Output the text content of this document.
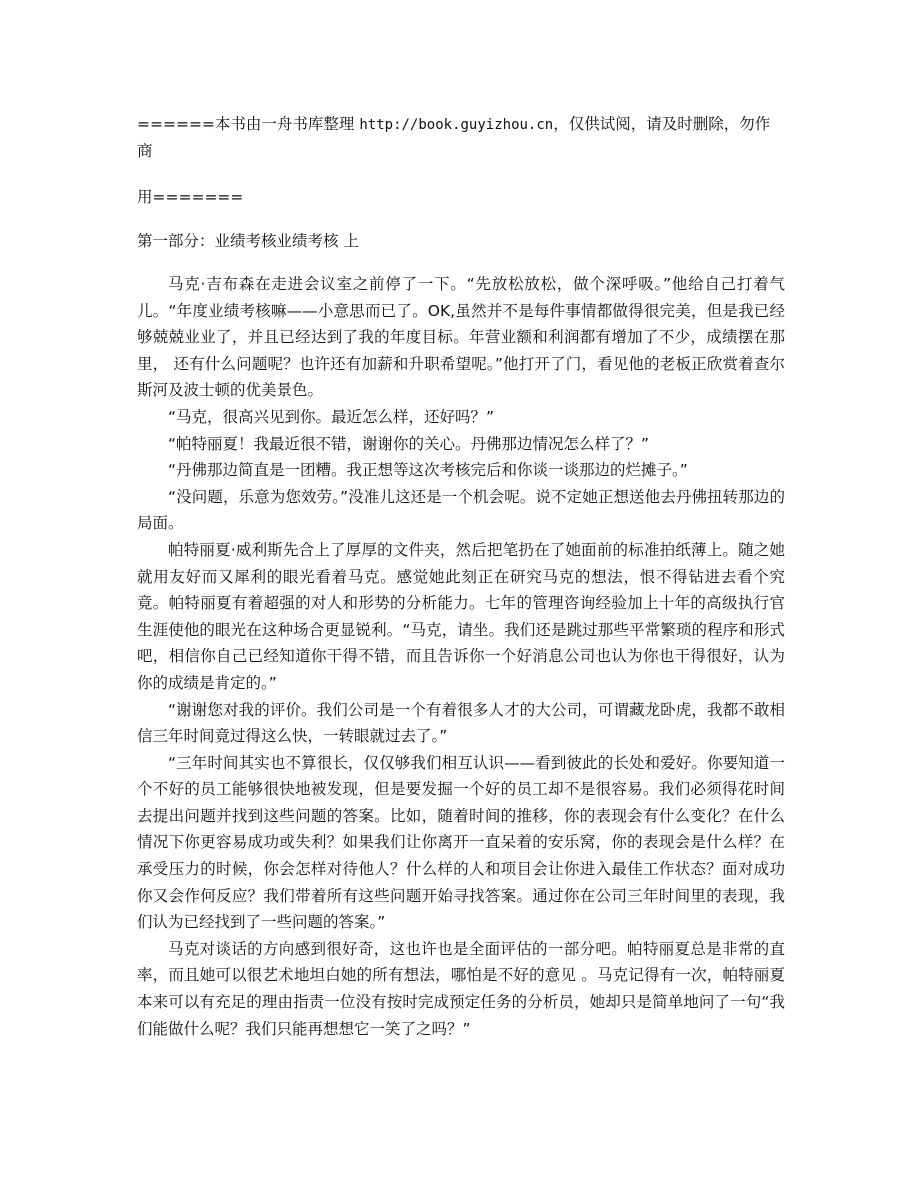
======本书由一舟书库整理 http://book.guyizhou.cn，仅供试阅，请及时删除，勿作
商
用=======
第一部分：业绩考核业绩考核 上

马克·吉布森在走进会议室之前停了一下。“先放松放松，做个深呼吸。”他给自己打着气儿。“年度业绩考核嘛——小意思而已了。OK,虽然并不是每件事情都做得很完美，但是我已经够兢兢业业了，并且已经达到了我的年度目标。年营业额和利润都有增加了不少，成绩摆在那里， 还有什么问题呢？也许还有加薪和升职希望呢。”他打开了门，看见他的老板正欣赏着查尔斯河及波士顿的优美景色。

“马克，很高兴见到你。最近怎么样，还好吗？”

“帕特丽夏！我最近很不错，谢谢你的关心。丹佛那边情况怎么样了？”

“丹佛那边简直是一团糟。我正想等这次考核完后和你谈一谈那边的烂摊子。”

“没问题，乐意为您效劳。”没准儿这还是一个机会呢。说不定她正想送他去丹佛扭转那边的局面。

帕特丽夏·威利斯先合上了厚厚的文件夹，然后把笔扔在了她面前的标准拍纸薄上。随之她就用友好而又犀利的眼光看着马克。感觉她此刻正在研究马克的想法，恨不得钻进去看个究竟。帕特丽夏有着超强的对人和形势的分析能力。七年的管理咨询经验加上十年的高级执行官生涯使他的眼光在这种场合更显锐利。“马克，请坐。我们还是跳过那些平常繁琐的程序和形式吧，相信你自己已经知道你干得不错，而且告诉你一个好消息公司也认为你也干得很好，认为你的成绩是肯定的。”

“谢谢您对我的评价。我们公司是一个有着很多人才的大公司，可谓藏龙卧虎，我都不敢相信三年时间竟过得这么快，一转眼就过去了。”

“三年时间其实也不算很长，仅仅够我们相互认识——看到彼此的长处和爱好。你要知道一个不好的员工能够很快地被发现，但是要发掘一个好的员工却不是很容易。我们必须得花时间去提出问题并找到这些问题的答案。比如，随着时间的推移，你的表现会有什么变化？在什么情况下你更容易成功或失利？如果我们让你离开一直呆着的安乐窝，你的表现会是什么样？在承受压力的时候，你会怎样对待他人？什么样的人和项目会让你进入最佳工作状态？面对成功你又会作何反应？我们带着所有这些问题开始寻找答案。通过你在公司三年时间里的表现，我们认为已经找到了一些问题的答案。”

马克对谈话的方向感到很好奇，这也许也是全面评估的一部分吧。帕特丽夏总是非常的直率，而且她可以很艺术地坦白她的所有想法，哪怕是不好的意见 。马克记得有一次，帕特丽夏本来可以有充足的理由指责一位没有按时完成预定任务的分析员，她却只是简单地问了一句“我们能做什么呢？我们只能再想想它一笑了之吗？”
